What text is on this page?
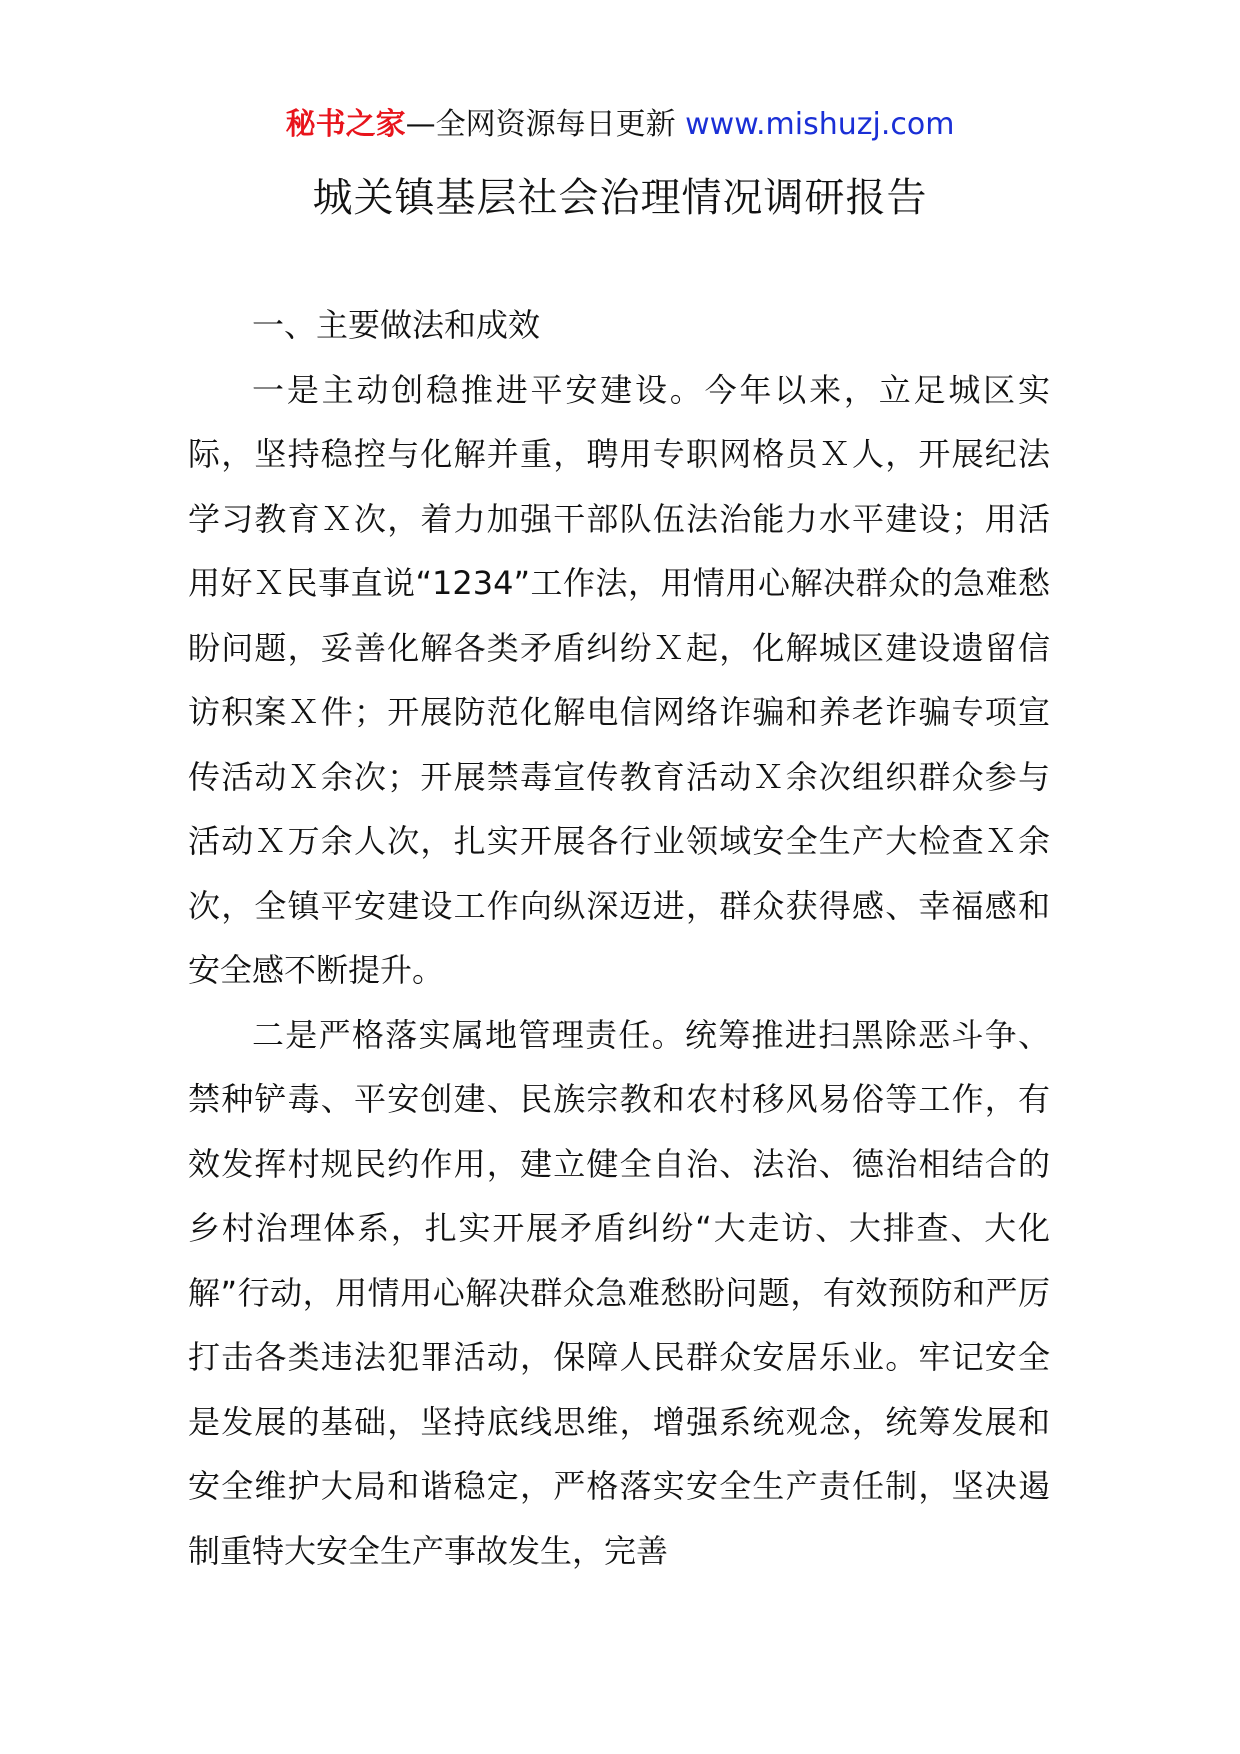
秘书之家—全网资源每日更新 www.mishuzj.com
城关镇基层社会治理情况调研报告

一、主要做法和成效

一是主动创稳推进平安建设。今年以来，立足城区实际，坚持稳控与化解并重，聘用专职网格员Ｘ人，开展纪法学习教育Ｘ次，着力加强干部队伍法治能力水平建设；用活用好Ｘ民事直说“1234”工作法，用情用心解决群众的急难愁盼问题，妥善化解各类矛盾纠纷Ｘ起，化解城区建设遗留信访积案Ｘ件；开展防范化解电信网络诈骗和养老诈骗专项宣传活动Ｘ余次；开展禁毒宣传教育活动Ｘ余次组织群众参与活动Ｘ万余人次，扎实开展各行业领域安全生产大检查Ｘ余次，全镇平安建设工作向纵深迈进，群众获得感、幸福感和安全感不断提升。

二是严格落实属地管理责任。统筹推进扫黑除恶斗争、禁种铲毒、平安创建、民族宗教和农村移风易俗等工作，有效发挥村规民约作用，建立健全自治、法治、德治相结合的乡村治理体系，扎实开展矛盾纠纷“大走访、大排查、大化解”行动，用情用心解决群众急难愁盼问题，有效预防和严厉打击各类违法犯罪活动，保障人民群众安居乐业。牢记安全是发展的基础，坚持底线思维，增强系统观念，统筹发展和安全维护大局和谐稳定，严格落实安全生产责任制，坚决遏制重特大安全生产事故发生，完善
